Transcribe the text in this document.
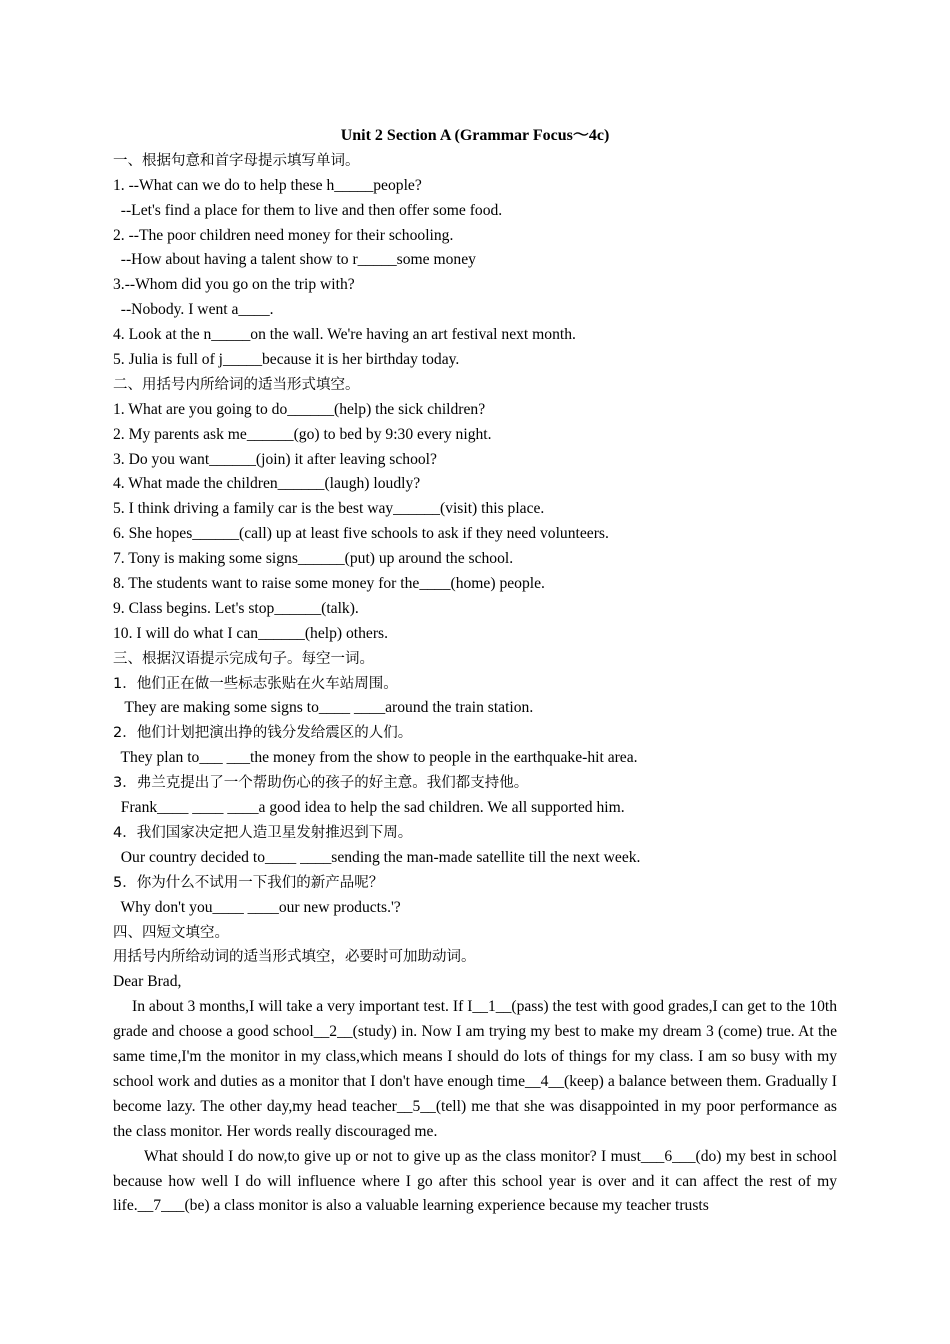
Unit 2 Section A (Grammar Focus～4c)
一、根据句意和首字母提示填写单词。
1. --What can we do to help these h_____people?
--Let's find a place for them to live and then offer some food.
2. --The poor children need money for their schooling.
--How about having a talent show to r_____some money
3.--Whom did you go on the trip with?
--Nobody. I went a____.
4. Look at the n_____on the wall. We're having an art festival next month.
5. Julia is full of j_____because it is her birthday today.
二、用括号内所给词的适当形式填空。
1. What are you going to do______(help) the sick children?
2. My parents ask me______(go) to bed by 9:30 every night.
3. Do you want______(join) it after leaving school?
4. What made the children______(laugh) loudly?
5. I think driving a family car is the best way______(visit) this place.
6. She hopes______(call) up at least five schools to ask if they need volunteers.
7. Tony is making some signs______(put) up around the school.
8. The students want to raise some money for the____(home) people.
9. Class begins. Let's stop______(talk).
10. I will do what I can______(help) others.
三、根据汉语提示完成句子。每空一词。
1．他们正在做一些标志张贴在火车站周围。
They are making some signs to____ ____around the train station.
2．他们计划把演出挣的钱分发给震区的人们。
They plan to___ ___the money from the show to people in the earthquake-hit area.
3．弗兰克提出了一个帮助伤心的孩子的好主意。我们都支持他。
Frank____ ____ ____a good idea to help the sad children. We all supported him.
4．我们国家决定把人造卫星发射推迟到下周。
Our country decided to____ ____sending the man-made satellite till the next week.
5．你为什么不试用一下我们的新产品呢？
Why don't you____ ____our new products.'?
四、四短文填空。
用括号内所给动词的适当形式填空，必要时可加助动词。
Dear Brad,

In about 3 months,I will take a very important test. If I__1__(pass) the test with good grades,I can get to the 10th grade and choose a good school__2__(study) in. Now I am trying my best to make my dream 3 (come) true. At the same time,I'm the monitor in my class,which means I should do lots of things for my class. I am so busy with my school work and duties as a monitor that I don't have enough time__4__(keep) a balance between them. Gradually I become lazy. The other day,my head teacher__5__(tell) me that she was disappointed in my poor performance as the class monitor. Her words really discouraged me.

What should I do now,to give up or not to give up as the class monitor? I must___6___(do) my best in school because how well I do will influence where I go after this school year is over and it can affect the rest of my life.__7___(be) a class monitor is also a valuable learning experience because my teacher trusts
